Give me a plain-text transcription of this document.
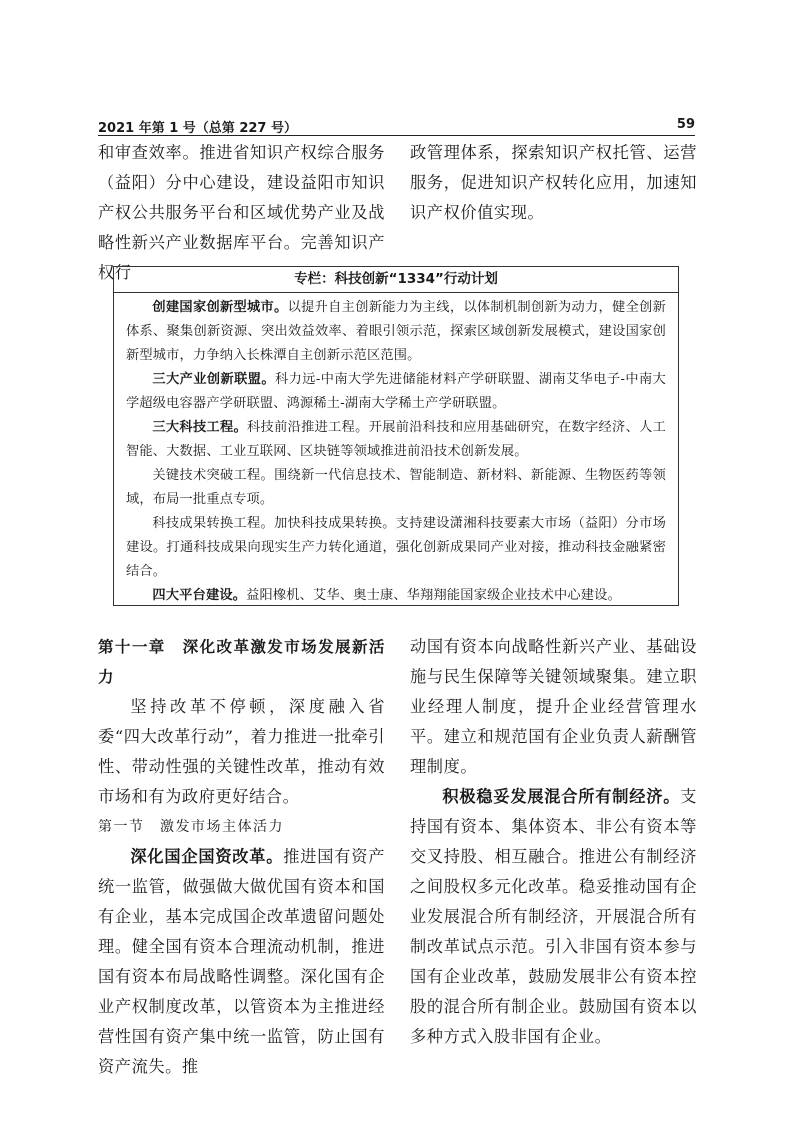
2021 年第 1 号（总第 227 号）	59

和审查效率。推进省知识产权综合服务（益阳）分中心建设，建设益阳市知识产权公共服务平台和区域优势产业及战略性新兴产业数据库平台。完善知识产权行

政管理体系，探索知识产权托管、运营服务，促进知识产权转化应用，加速知识产权价值实现。

专栏：科技创新“1334”行动计划

创建国家创新型城市。以提升自主创新能力为主线，以体制机制创新为动力，健全创新体系、聚集创新资源、突出效益效率、着眼引领示范，探索区域创新发展模式，建设国家创新型城市，力争纳入长株潭自主创新示范区范围。

三大产业创新联盟。科力远-中南大学先进储能材料产学研联盟、湖南艾华电子-中南大学超级电容器产学研联盟、鸿源稀土-湖南大学稀土产学研联盟。

三大科技工程。科技前沿推进工程。开展前沿科技和应用基础研究，在数字经济、人工智能、大数据、工业互联网、区块链等领域推进前沿技术创新发展。

关键技术突破工程。围绕新一代信息技术、智能制造、新材料、新能源、生物医药等领域，布局一批重点专项。

科技成果转换工程。加快科技成果转换。支持建设潇湘科技要素大市场（益阳）分市场建设。打通科技成果向现实生产力转化通道，强化创新成果同产业对接，推动科技金融紧密结合。

四大平台建设。益阳橡机、艾华、奥士康、华翔翔能国家级企业技术中心建设。

第十一章　深化改革激发市场发展新活力

坚持改革不停顿，深度融入省委“四大改革行动”，着力推进一批牵引性、带动性强的关键性改革，推动有效市场和有为政府更好结合。

第一节　激发市场主体活力

深化国企国资改革。推进国有资产统一监管，做强做大做优国有资本和国有企业，基本完成国企改革遗留问题处理。健全国有资本合理流动机制，推进国有资本布局战略性调整。深化国有企业产权制度改革，以管资本为主推进经营性国有资产集中统一监管，防止国有资产流失。推

动国有资本向战略性新兴产业、基础设施与民生保障等关键领域聚集。建立职业经理人制度，提升企业经营管理水平。建立和规范国有企业负责人薪酬管理制度。

积极稳妥发展混合所有制经济。支持国有资本、集体资本、非公有资本等交叉持股、相互融合。推进公有制经济之间股权多元化改革。稳妥推动国有企业发展混合所有制经济，开展混合所有制改革试点示范。引入非国有资本参与国有企业改革，鼓励发展非公有资本控股的混合所有制企业。鼓励国有资本以多种方式入股非国有企业。
